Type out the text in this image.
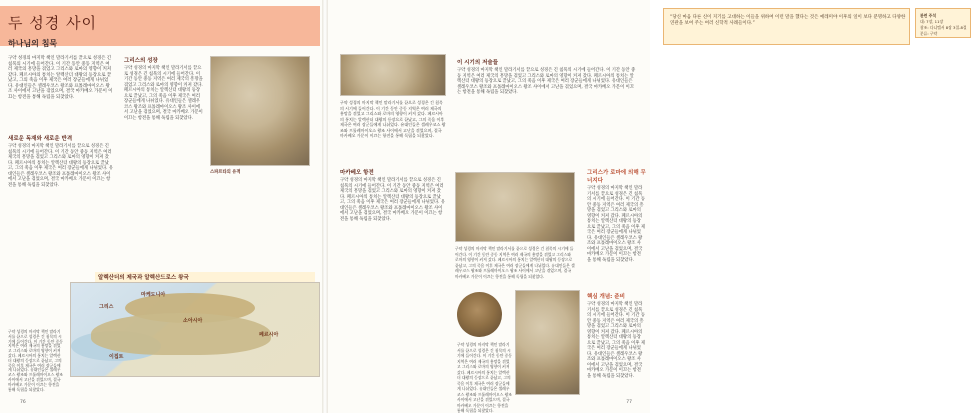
두 성경 사이
하나님의 침묵
구약 성경의 마지막 책인 말라기서를 끝으로 성경은 긴 침묵의 시기에 들어간다. 이 기간 동안 중동 지역은 여러 제국의 흥망을 겪었고 그리스와 로마의 영향이 커져 갔다. 페르시아의 통치는 알렉산더 대왕의 등장으로 끝났고, 그의 죽음 이후 제국은 여러 장군들에게 나뉘었다. 유대인들은 셀레우코스 왕조와 프톨레마이오스 왕조 사이에서 고난을 겪었으며, 결국 마카베오 가문이 이끄는 항전을 통해 독립을 되찾았다.
그리스의 성장
구약 성경의 마지막 책인 말라기서를 끝으로 성경은 긴 침묵의 시기에 들어간다. 이 기간 동안 중동 지역은 여러 제국의 흥망을 겪었고 그리스와 로마의 영향이 커져 갔다. 페르시아의 통치는 알렉산더 대왕의 등장으로 끝났고, 그의 죽음 이후 제국은 여러 장군들에게 나뉘었다. 유대인들은 셀레우코스 왕조와 프톨레마이오스 왕조 사이에서 고난을 겪었으며, 결국 마카베오 가문이 이끄는 항전을 통해 독립을 되찾았다.
스파르타의 유적
새로운 독재와 새로운 반격
구약 성경의 마지막 책인 말라기서를 끝으로 성경은 긴 침묵의 시기에 들어간다. 이 기간 동안 중동 지역은 여러 제국의 흥망을 겪었고 그리스와 로마의 영향이 커져 갔다. 페르시아의 통치는 알렉산더 대왕의 등장으로 끝났고, 그의 죽음 이후 제국은 여러 장군들에게 나뉘었다. 유대인들은 셀레우코스 왕조와 프톨레마이오스 왕조 사이에서 고난을 겪었으며, 결국 마카베오 가문이 이끄는 항전을 통해 독립을 되찾았다.
알렉산더의 제국과 알렉산드로스 왕국
그리스
마케도니아
소아시아
이집트
페르시아
구약 성경의 마지막 책인 말라기서를 끝으로 성경은 긴 침묵의 시기에 들어간다. 이 기간 동안 중동 지역은 여러 제국의 흥망을 겪었고 그리스와 로마의 영향이 커져 갔다. 페르시아의 통치는 알렉산더 대왕의 등장으로 끝났고, 그의 죽음 이후 제국은 여러 장군들에게 나뉘었다. 유대인들은 셀레우코스 왕조와 프톨레마이오스 왕조 사이에서 고난을 겪었으며, 결국 마카베오 가문이 이끄는 항전을 통해 독립을 되찾았다.
76
“당신 마음 다른 신이 지기를 고대하는 이들을 위하여 이런 말을 했다는 것은 예레미야 이후의 일이 보다 분명하고 다양한 연관을 보여 주는 여러 신학적 사례들이다.”
관련 주석
대: 7장, 11장
참조: 다니엘서 8장 3절-8절
분류: 구약
구약 성경의 마지막 책인 말라기서를 끝으로 성경은 긴 침묵의 시기에 들어간다. 이 기간 동안 중동 지역은 여러 제국의 흥망을 겪었고 그리스와 로마의 영향이 커져 갔다. 페르시아의 통치는 알렉산더 대왕의 등장으로 끝났고, 그의 죽음 이후 제국은 여러 장군들에게 나뉘었다. 유대인들은 셀레우코스 왕조와 프톨레마이오스 왕조 사이에서 고난을 겪었으며, 결국 마카베오 가문이 이끄는 항전을 통해 독립을 되찾았다.
이 시기의 저술들
구약 성경의 마지막 책인 말라기서를 끝으로 성경은 긴 침묵의 시기에 들어간다. 이 기간 동안 중동 지역은 여러 제국의 흥망을 겪었고 그리스와 로마의 영향이 커져 갔다. 페르시아의 통치는 알렉산더 대왕의 등장으로 끝났고, 그의 죽음 이후 제국은 여러 장군들에게 나뉘었다. 유대인들은 셀레우코스 왕조와 프톨레마이오스 왕조 사이에서 고난을 겪었으며, 결국 마카베오 가문이 이끄는 항전을 통해 독립을 되찾았다.
마카베오 항전
구약 성경의 마지막 책인 말라기서를 끝으로 성경은 긴 침묵의 시기에 들어간다. 이 기간 동안 중동 지역은 여러 제국의 흥망을 겪었고 그리스와 로마의 영향이 커져 갔다. 페르시아의 통치는 알렉산더 대왕의 등장으로 끝났고, 그의 죽음 이후 제국은 여러 장군들에게 나뉘었다. 유대인들은 셀레우코스 왕조와 프톨레마이오스 왕조 사이에서 고난을 겪었으며, 결국 마카베오 가문이 이끄는 항전을 통해 독립을 되찾았다.
구약 성경의 마지막 책인 말라기서를 끝으로 성경은 긴 침묵의 시기에 들어간다. 이 기간 동안 중동 지역은 여러 제국의 흥망을 겪었고 그리스와 로마의 영향이 커져 갔다. 페르시아의 통치는 알렉산더 대왕의 등장으로 끝났고, 그의 죽음 이후 제국은 여러 장군들에게 나뉘었다. 유대인들은 셀레우코스 왕조와 프톨레마이오스 왕조 사이에서 고난을 겪었으며, 결국 마카베오 가문이 이끄는 항전을 통해 독립을 되찾았다.
구약 성경의 마지막 책인 말라기서를 끝으로 성경은 긴 침묵의 시기에 들어간다. 이 기간 동안 중동 지역은 여러 제국의 흥망을 겪었고 그리스와 로마의 영향이 커져 갔다. 페르시아의 통치는 알렉산더 대왕의 등장으로 끝났고, 그의 죽음 이후 제국은 여러 장군들에게 나뉘었다. 유대인들은 셀레우코스 왕조와 프톨레마이오스 왕조 사이에서 고난을 겪었으며, 결국 마카베오 가문이 이끄는 항전을 통해 독립을 되찾았다.
그리스가 로마에 의해 무너지다
구약 성경의 마지막 책인 말라기서를 끝으로 성경은 긴 침묵의 시기에 들어간다. 이 기간 동안 중동 지역은 여러 제국의 흥망을 겪었고 그리스와 로마의 영향이 커져 갔다. 페르시아의 통치는 알렉산더 대왕의 등장으로 끝났고, 그의 죽음 이후 제국은 여러 장군들에게 나뉘었다. 유대인들은 셀레우코스 왕조와 프톨레마이오스 왕조 사이에서 고난을 겪었으며, 결국 마카베오 가문이 이끄는 항전을 통해 독립을 되찾았다.
핵심 개념: 준비
구약 성경의 마지막 책인 말라기서를 끝으로 성경은 긴 침묵의 시기에 들어간다. 이 기간 동안 중동 지역은 여러 제국의 흥망을 겪었고 그리스와 로마의 영향이 커져 갔다. 페르시아의 통치는 알렉산더 대왕의 등장으로 끝났고, 그의 죽음 이후 제국은 여러 장군들에게 나뉘었다. 유대인들은 셀레우코스 왕조와 프톨레마이오스 왕조 사이에서 고난을 겪었으며, 결국 마카베오 가문이 이끄는 항전을 통해 독립을 되찾았다.
77
